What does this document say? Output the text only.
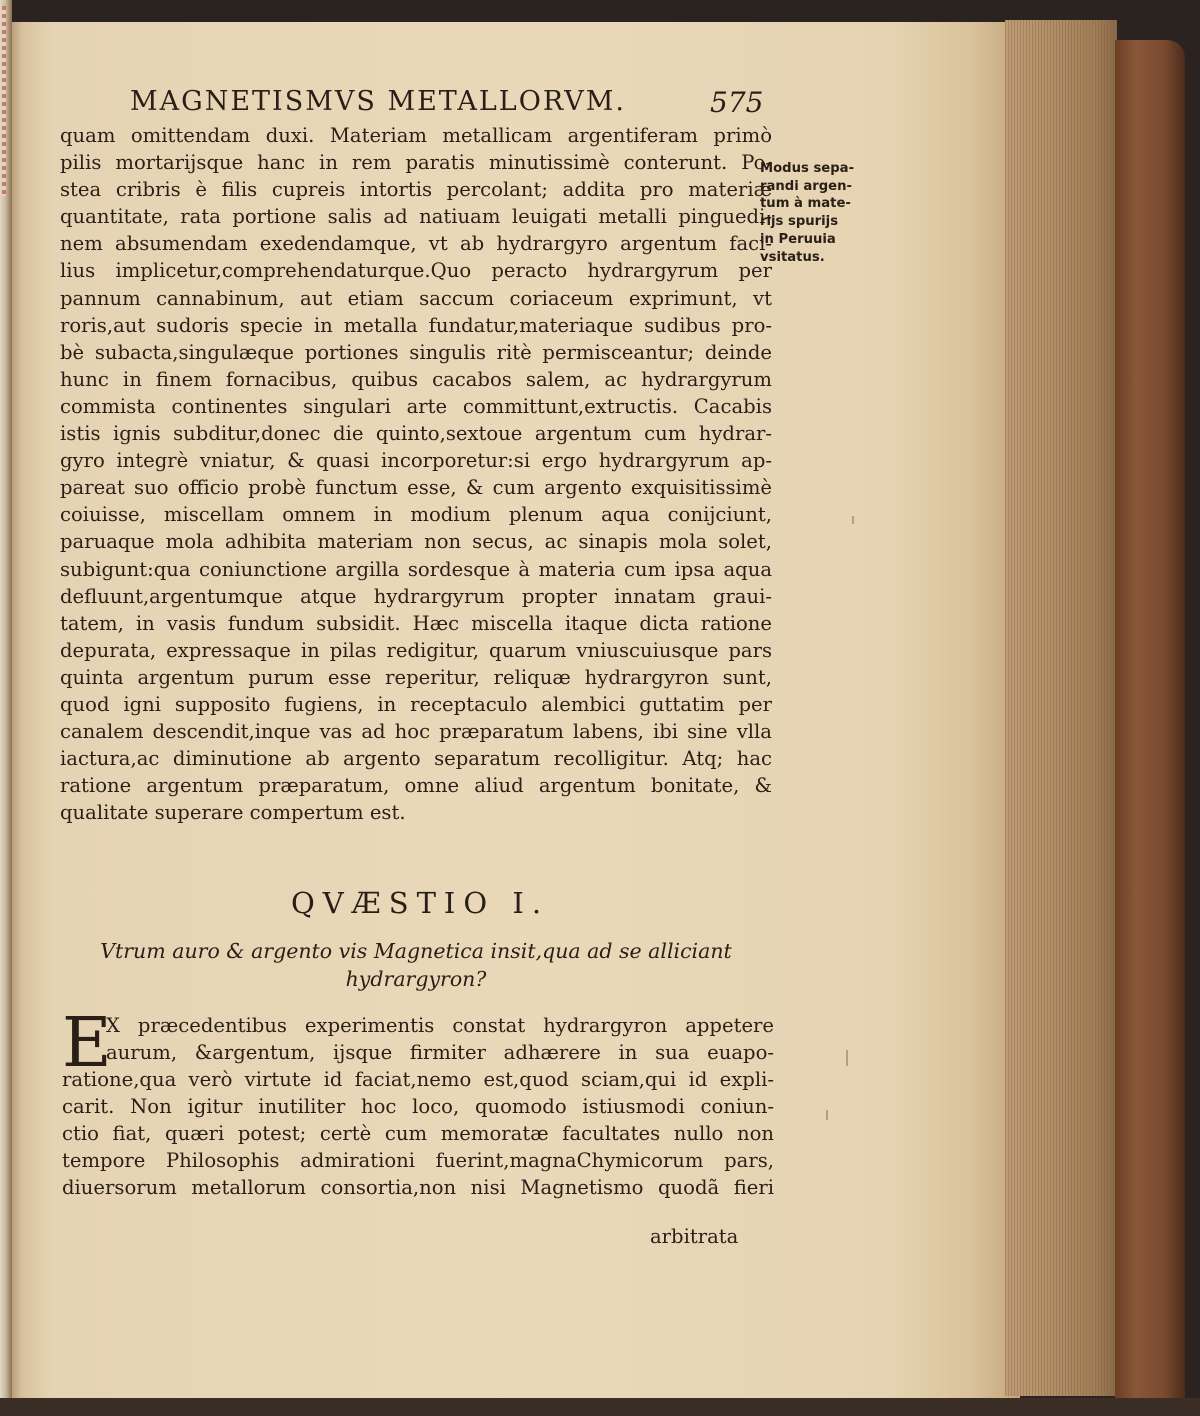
MAGNETISMVS METALLORVM.	575
quam omittendam duxi. Materiam metallicam argentiferam primò
pilis mortarijsque hanc in rem paratis minutissimè conterunt. Po-
stea cribris è filis cupreis intortis percolant; addita pro materiæ
quantitate, rata portione salis ad natiuam leuigati metalli pinguedi-
nem absumendam exedendamque, vt ab hydrargyro argentum faci-
lius implicetur,comprehendaturque.Quo peracto hydrargyrum per
pannum cannabinum, aut etiam saccum coriaceum exprimunt, vt
roris,aut sudoris specie in metalla fundatur,materiaque sudibus pro-
bè subacta,singulæque portiones singulis ritè permisceantur; deinde
hunc in finem fornacibus, quibus cacabos salem, ac hydrargyrum
commista continentes singulari arte committunt,extructis. Cacabis
istis ignis subditur,donec die quinto,sextoue argentum cum hydrar-
gyro integrè vniatur, & quasi incorporetur:si ergo hydrargyrum ap-
pareat suo officio probè functum esse, & cum argento exquisitissimè
coiuisse, miscellam omnem in modium plenum aqua conijciunt,
paruaque mola adhibita materiam non secus, ac sinapis mola solet,
subigunt:qua coniunctione argilla sordesque à materia cum ipsa aqua
defluunt,argentumque atque hydrargyrum propter innatam graui-
tatem, in vasis fundum subsidit. Hæc miscella itaque dicta ratione
depurata, expressaque in pilas redigitur, quarum vniuscuiusque pars
quinta argentum purum esse reperitur, reliquæ hydrargyron sunt,
quod igni supposito fugiens, in receptaculo alembici guttatim per
canalem descendit,inque vas ad hoc præparatum labens, ibi sine vlla
iactura,ac diminutione ab argento separatum recolligitur. Atq; hac
ratione argentum præparatum, omne aliud argentum bonitate, &
qualitate superare compertum est.
Modus sepa-
randi argen-
tum à mate-
rijs spurijs
in Peruuia
vsitatus.
QVÆSTIO I.
Vtrum auro & argento vis Magnetica insit,qua ad se alliciant
hydrargyron?
E
X præcedentibus experimentis constat hydrargyron appetere
aurum, &argentum, ijsque firmiter adhærere in sua euapo-
ratione,qua verò virtute id faciat,nemo est,quod sciam,qui id expli-
carit. Non igitur inutiliter hoc loco, quomodo istiusmodi coniun-
ctio fiat, quæri potest; certè cum memoratæ facultates nullo non
tempore Philosophis admirationi fuerint,magnaChymicorum pars,
diuersorum metallorum consortia,non nisi Magnetismo quodã fieri
arbitrata
